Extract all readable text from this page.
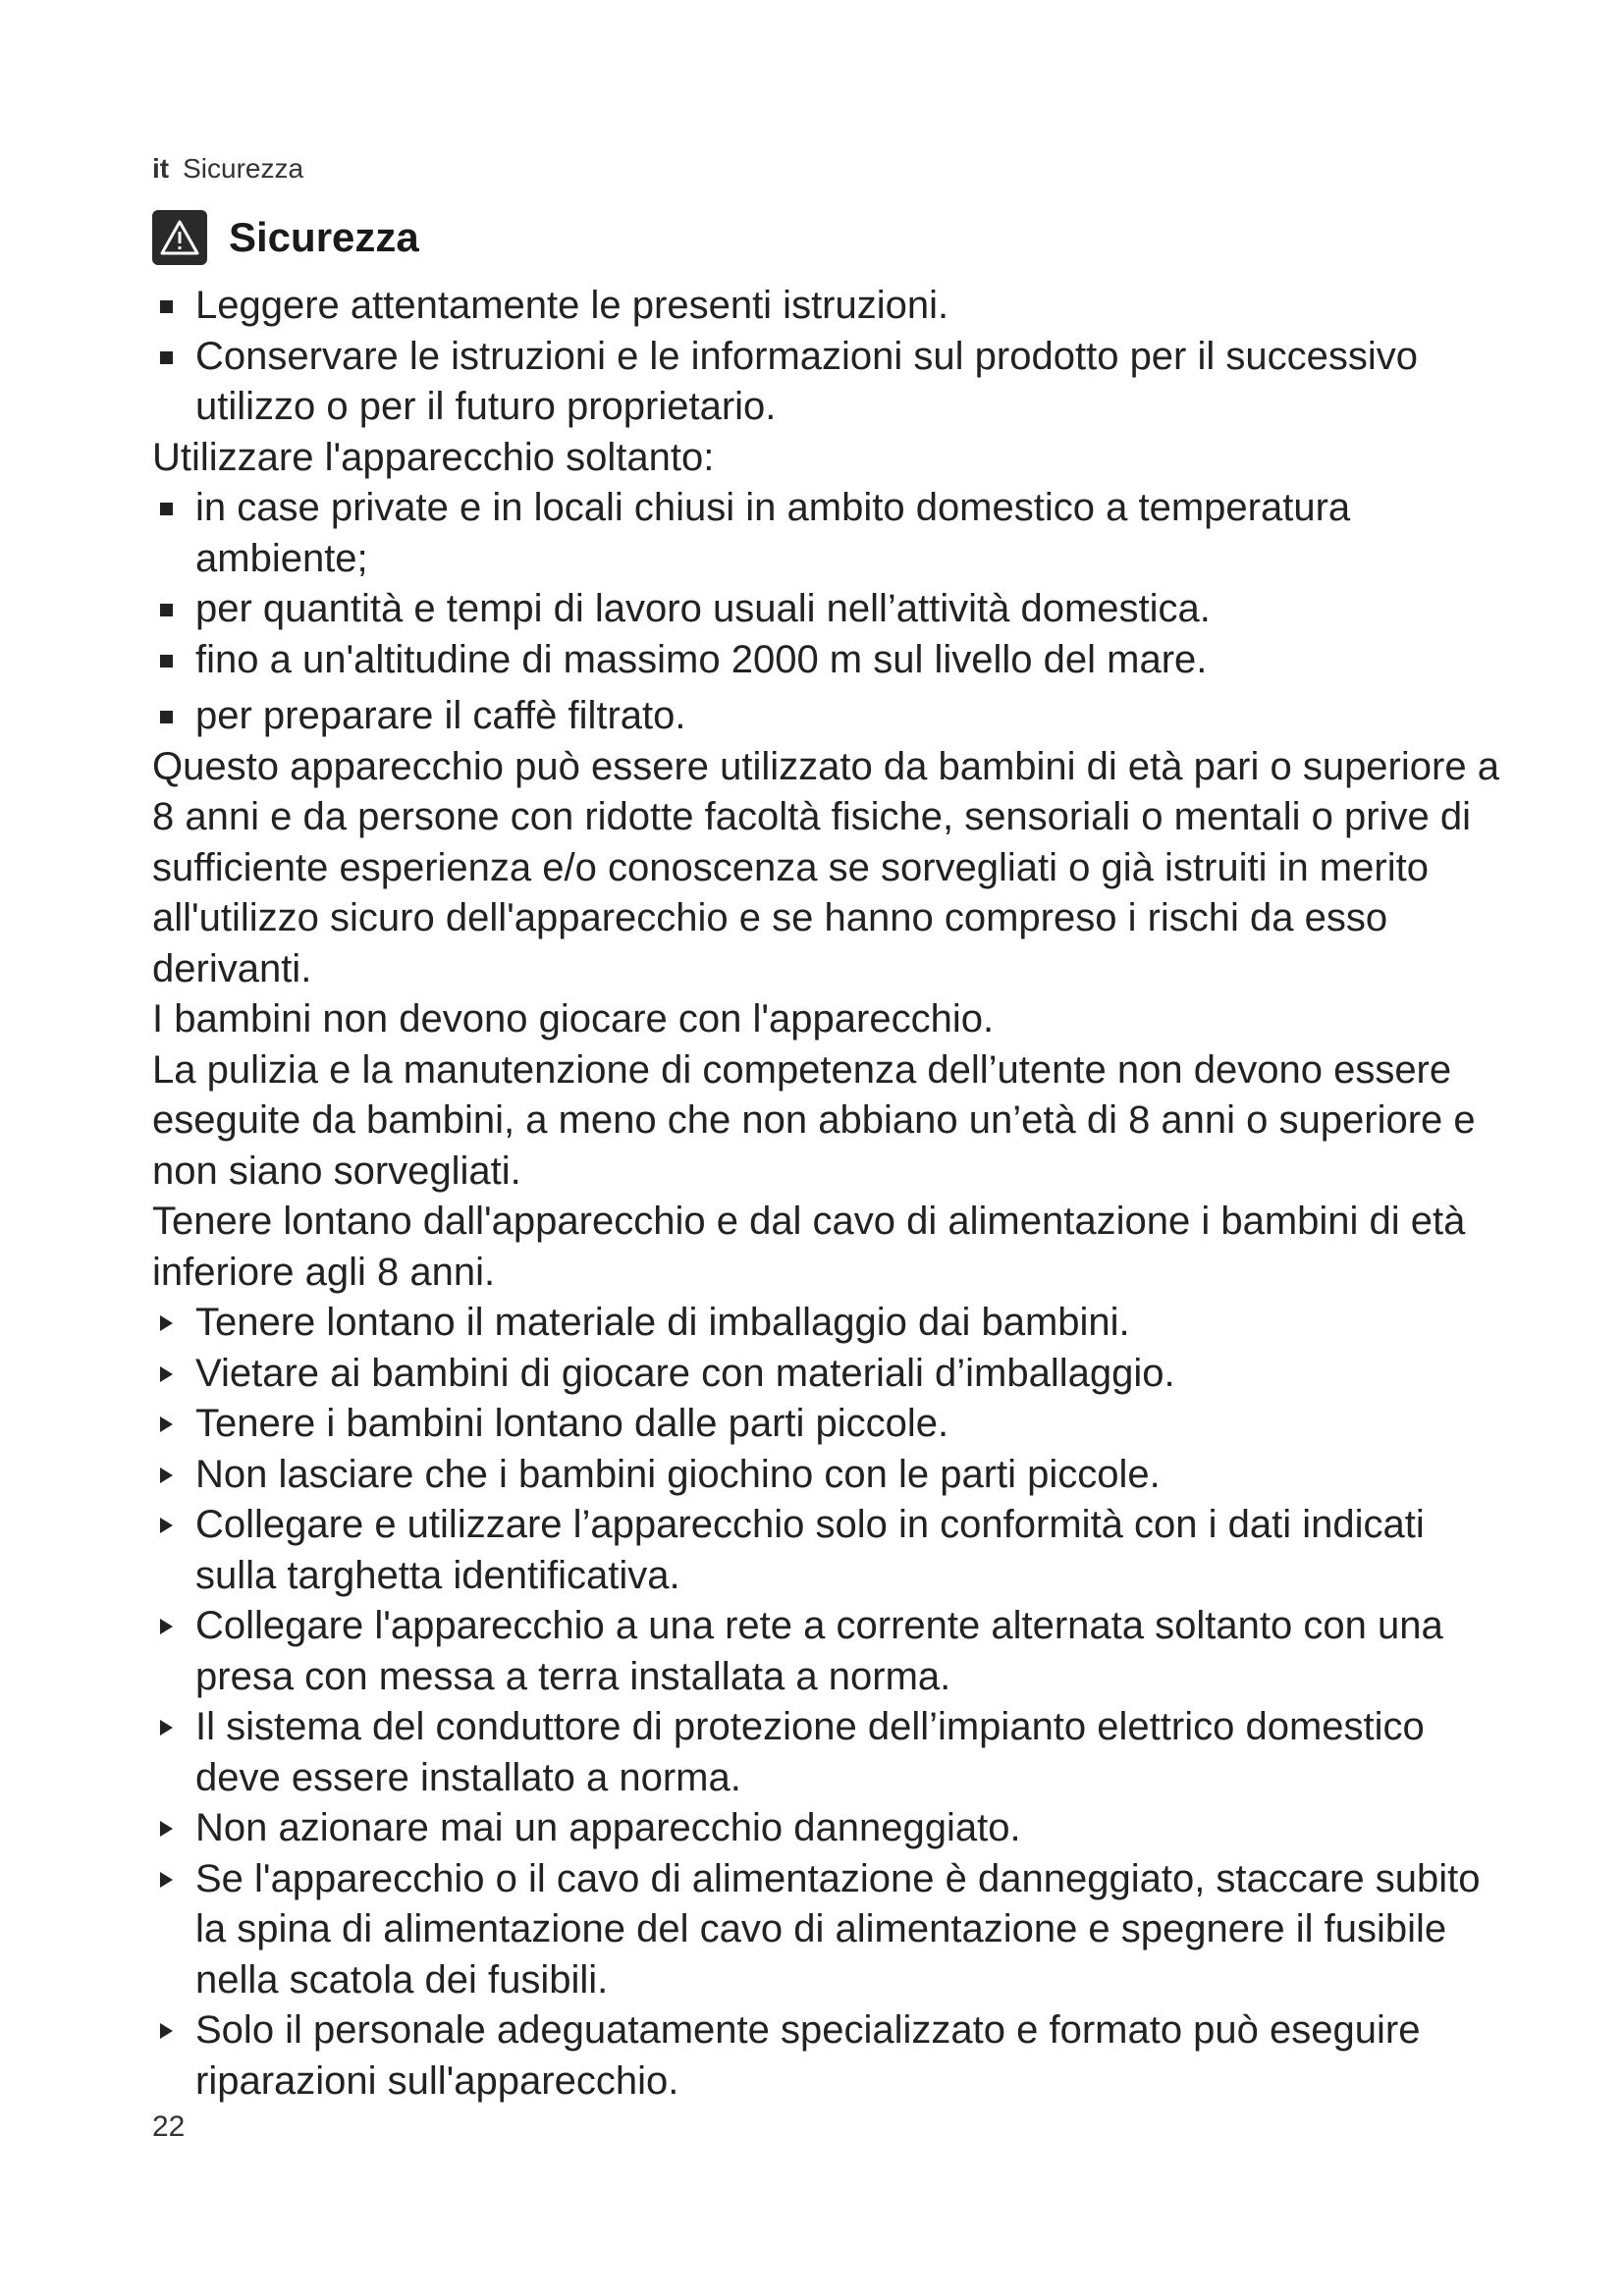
it Sicurezza
Sicurezza

Leggere attentamente le presenti istruzioni.

Conservare le istruzioni e le informazioni sul prodotto per il successivo utilizzo o per il futuro proprietario.

Utilizzare l'apparecchio soltanto:

in case private e in locali chiusi in ambito domestico a temperatura ambiente;

per quantità e tempi di lavoro usuali nell’attività domestica.

fino a un'altitudine di massimo 2000 m sul livello del mare.

per preparare il caffè filtrato.

Questo apparecchio può essere utilizzato da bambini di età pari o superiore a 8 anni e da persone con ridotte facoltà fisiche, sensoriali o mentali o prive di sufficiente esperienza e/o conoscenza se sorvegliati o già istruiti in merito all'utilizzo sicuro dell'apparecchio e se hanno compreso i rischi da esso derivanti.

I bambini non devono giocare con l'apparecchio.

La pulizia e la manutenzione di competenza dell’utente non devono essere eseguite da bambini, a meno che non abbiano un’età di 8 anni o superiore e non siano sorvegliati.

Tenere lontano dall'apparecchio e dal cavo di alimentazione i bambini di età inferiore agli 8 anni.

Tenere lontano il materiale di imballaggio dai bambini.

Vietare ai bambini di giocare con materiali d’imballaggio.

Tenere i bambini lontano dalle parti piccole.

Non lasciare che i bambini giochino con le parti piccole.

Collegare e utilizzare l’apparecchio solo in conformità con i dati indicati sulla targhetta identificativa.

Collegare l'apparecchio a una rete a corrente alternata soltanto con una presa con messa a terra installata a norma.

Il sistema del conduttore di protezione dell’impianto elettrico domestico deve essere installato a norma.

Non azionare mai un apparecchio danneggiato.

Se l'apparecchio o il cavo di alimentazione è danneggiato, staccare subito la spina di alimentazione del cavo di alimentazione e spegnere il fusibile nella scatola dei fusibili.

Solo il personale adeguatamente specializzato e formato può eseguire riparazioni sull'apparecchio.

22
